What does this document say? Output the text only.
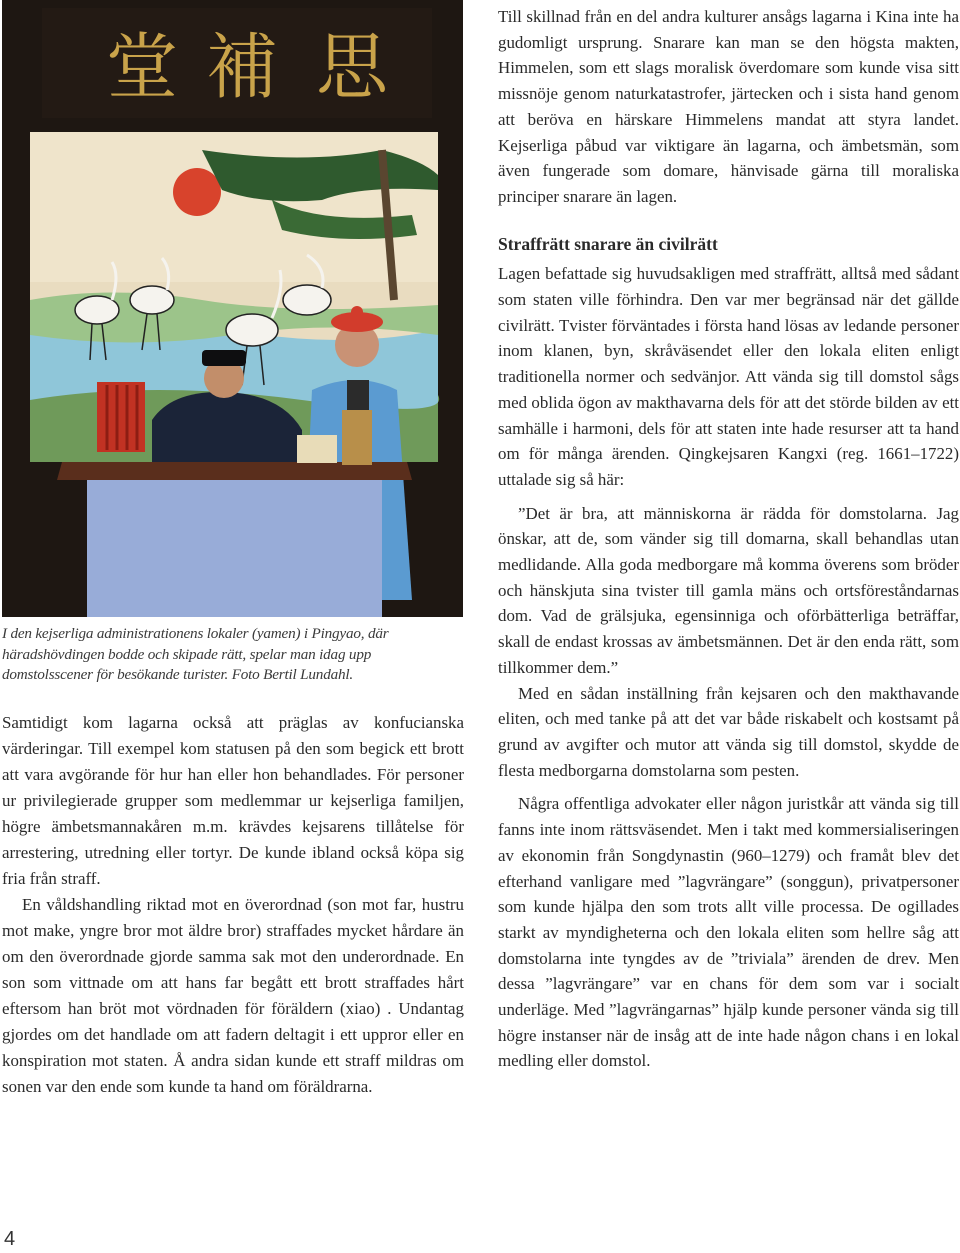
堂 補 思
I den kejserliga administrationens lokaler (yamen) i Pingyao, där häradshövdingen bodde och skipade rätt, spelar man idag upp domstolsscener för besökande turister. Foto Bertil Lundahl.

Samtidigt kom lagarna också att präglas av konfucianska värderingar. Till exempel kom statusen på den som begick ett brott att vara avgörande för hur han eller hon behandlades. För personer ur privilegierade grupper som medlemmar ur kejserliga familjen, högre ämbetsmannakåren m.m. krävdes kejsarens tillåtelse för arrestering, utredning eller tortyr. De kunde ibland också köpa sig fria från straff.

En våldshandling riktad mot en överordnad (son mot far, hustru mot make, yngre bror mot äldre bror) straffades mycket hårdare än om den överordnade gjorde samma sak mot den underordnade. En son som vittnade om att hans far begått ett brott straffades hårt eftersom han bröt mot vördnaden för föräldern (xiao) . Undantag gjordes om det handlade om att fadern deltagit i ett uppror eller en konspiration mot staten. Å andra sidan kunde ett straff mildras om sonen var den ende som kunde ta hand om föräldrarna.

Till skillnad från en del andra kulturer ansågs lagarna i Kina inte ha gudomligt ursprung. Snarare kan man se den högsta makten, Himmelen, som ett slags moralisk överdomare som kunde visa sitt missnöje genom naturkatastrofer, järtecken och i sista hand genom att beröva en härskare Himmelens mandat att styra landet. Kejserliga påbud var viktigare än lagarna, och ämbetsmän, som även fungerade som domare, hänvisade gärna till moraliska principer snarare än lagen.

Straffrätt snarare än civilrätt

Lagen befattade sig huvudsakligen med straffrätt, alltså med sådant som staten ville förhindra. Den var mer begränsad när det gällde civilrätt. Tvister förväntades i första hand lösas av ledande personer inom klanen, byn, skråväsendet eller den lokala eliten enligt traditionella normer och sedvänjor. Att vända sig till domstol sågs med oblida ögon av makthavarna dels för att det störde bilden av ett samhälle i harmoni, dels för att staten inte hade resurser att ta hand om för många ärenden. Qingkejsaren Kangxi (reg. 1661–1722) uttalade sig så här:

”Det är bra, att människorna är rädda för domstolarna. Jag önskar, att de, som vänder sig till domarna, skall behandlas utan medlidande. Alla goda medborgare må komma överens som bröder och hänskjuta sina tvister till gamla mäns och ortsföreståndarnas dom. Vad de grälsjuka, egensinniga och oförbätterliga beträffar, skall de endast krossas av ämbetsmännen. Det är den enda rätt, som tillkommer dem.”

Med en sådan inställning från kejsaren och den makthavande eliten, och med tanke på att det var både riskabelt och kostsamt på grund av avgifter och mutor att vända sig till domstol, skydde de flesta medborgarna domstolarna som pesten.

Några offentliga advokater eller någon juristkår att vända sig till fanns inte inom rättsväsendet. Men i takt med kommersialiseringen av ekonomin från Songdynastin (960–1279) och framåt blev det efterhand vanligare med ”lagvrängare” (songgun), privatpersoner som kunde hjälpa den som trots allt ville processa. De ogillades starkt av myndigheterna och den lokala eliten som hellre såg att domstolarna inte tyngdes av de ”triviala” ärenden de drev. Men dessa ”lagvrängare” var en chans för dem som var i socialt underläge. Med ”lagvrängarnas” hjälp kunde personer vända sig till högre instanser när de insåg att de inte hade någon chans i en lokal medling eller domstol.

4
